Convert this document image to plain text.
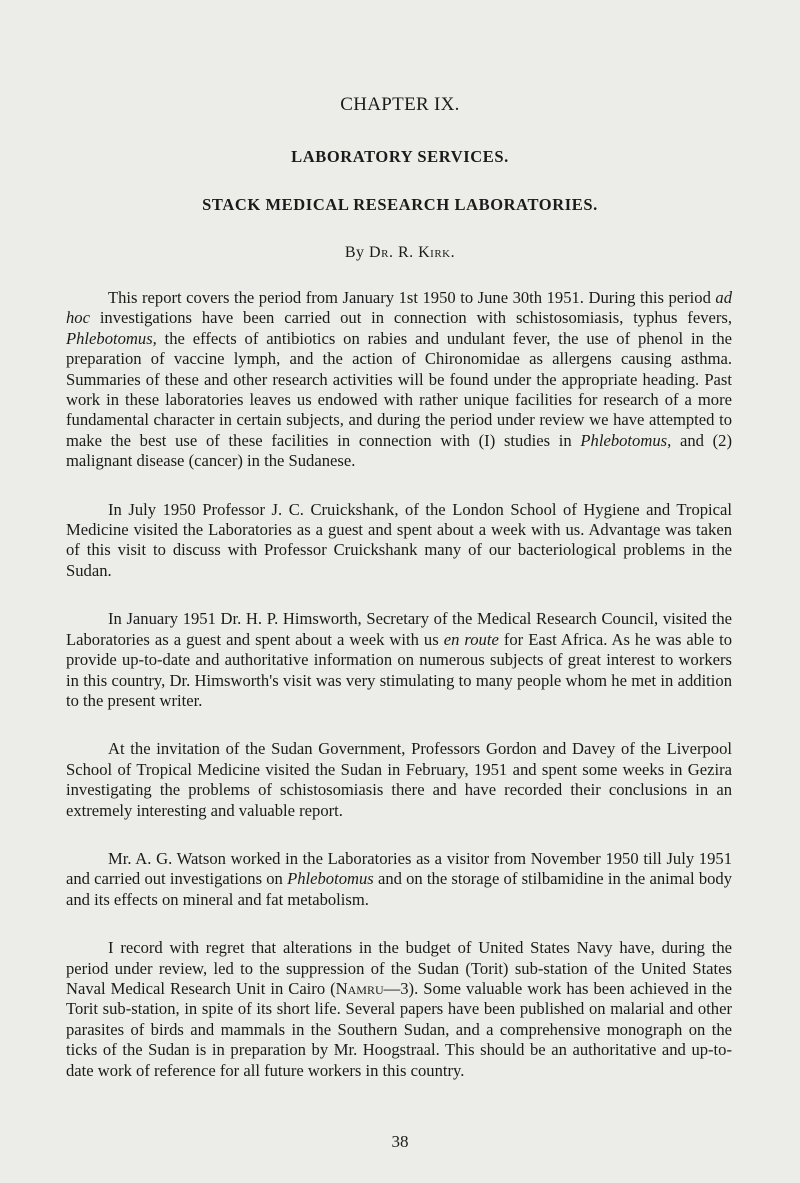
CHAPTER IX.
LABORATORY SERVICES.
STACK MEDICAL RESEARCH LABORATORIES.
By Dr. R. Kirk.

This report covers the period from January 1st 1950 to June 30th 1951. During this period ad hoc investigations have been carried out in connection with schistosomiasis, typhus fevers, Phlebotomus, the effects of antibiotics on rabies and undulant fever, the use of phenol in the preparation of vaccine lymph, and the action of Chironomidae as allergens causing asthma. Summaries of these and other research activities will be found under the appropriate heading. Past work in these laboratories leaves us endowed with rather unique facilities for research of a more fundamental character in certain subjects, and during the period under review we have attempted to make the best use of these facilities in connection with (I) studies in Phlebotomus, and (2) malignant disease (cancer) in the Sudanese.

In July 1950 Professor J. C. Cruickshank, of the London School of Hygiene and Tropical Medicine visited the Laboratories as a guest and spent about a week with us. Advantage was taken of this visit to discuss with Professor Cruickshank many of our bacteriological problems in the Sudan.

In January 1951 Dr. H. P. Himsworth, Secretary of the Medical Research Council, visited the Laboratories as a guest and spent about a week with us en route for East Africa. As he was able to provide up-to-date and authoritative information on numerous subjects of great interest to workers in this country, Dr. Himsworth's visit was very stimulating to many people whom he met in addition to the present writer.

At the invitation of the Sudan Government, Professors Gordon and Davey of the Liverpool School of Tropical Medicine visited the Sudan in February, 1951 and spent some weeks in Gezira investigating the problems of schistosomiasis there and have recorded their conclusions in an extremely interesting and valuable report.

Mr. A. G. Watson worked in the Laboratories as a visitor from November 1950 till July 1951 and carried out investigations on Phlebotomus and on the storage of stilbamidine in the animal body and its effects on mineral and fat metabolism.

I record with regret that alterations in the budget of United States Navy have, during the period under review, led to the suppression of the Sudan (Torit) sub-station of the United States Naval Medical Research Unit in Cairo (Namru—3). Some valuable work has been achieved in the Torit sub-station, in spite of its short life. Several papers have been published on malarial and other parasites of birds and mammals in the Southern Sudan, and a comprehensive monograph on the ticks of the Sudan is in preparation by Mr. Hoogstraal. This should be an authoritative and up-to-date work of reference for all future workers in this country.

38
